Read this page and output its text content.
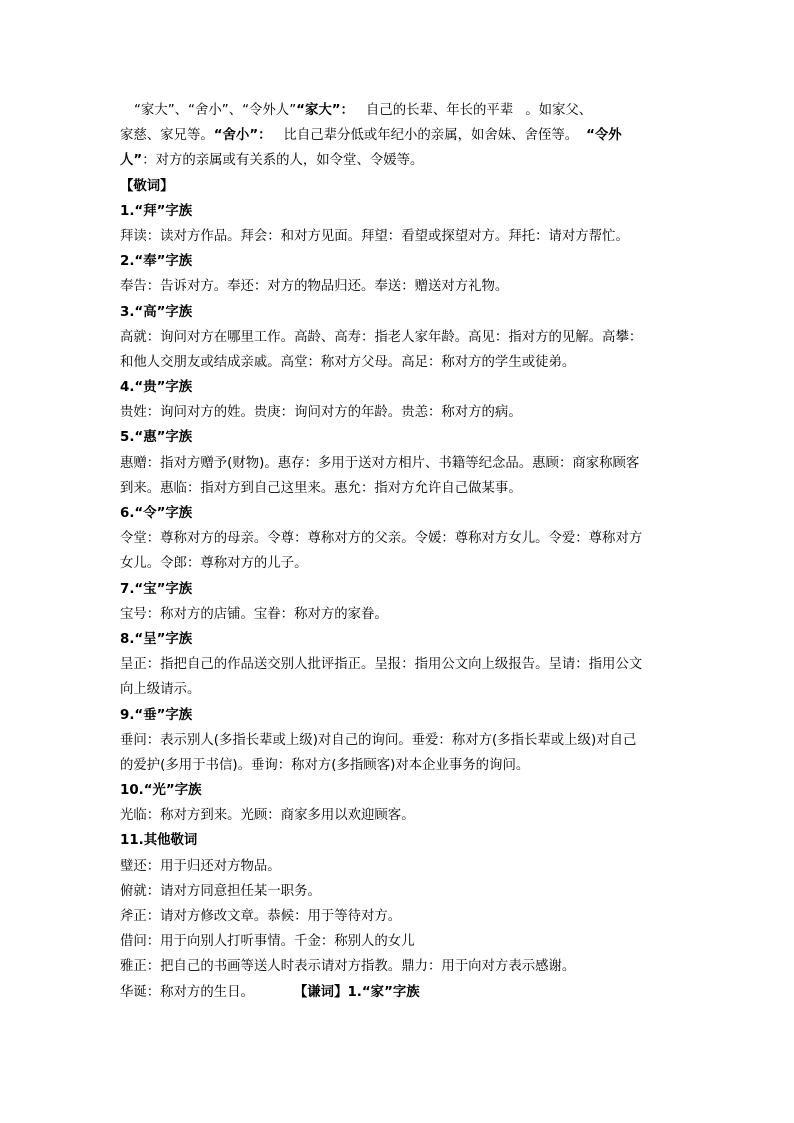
“家大”、“舍小”、“令外人”“家大”： 自己的长辈、年长的平辈 。如家父、
家慈、家兄等。“舍小”： 比自己辈分低或年纪小的亲属，如舍妹、舍侄等。 “令外
人”：对方的亲属或有关系的人，如令堂、令媛等。
【敬词】
1.“拜”字族
拜读：读对方作品。拜会：和对方见面。拜望：看望或探望对方。拜托：请对方帮忙。
2.“奉”字族
奉告：告诉对方。奉还：对方的物品归还。奉送：赠送对方礼物。
3.“高”字族
高就：询问对方在哪里工作。高龄、高寿：指老人家年龄。高见：指对方的见解。高攀：
和他人交朋友或结成亲戚。高堂：称对方父母。高足：称对方的学生或徒弟。
4.“贵”字族
贵姓：询问对方的姓。贵庚：询问对方的年龄。贵恙：称对方的病。
5.“惠”字族
惠赠：指对方赠予(财物)。惠存：多用于送对方相片、书籍等纪念品。惠顾：商家称顾客
到来。惠临：指对方到自己这里来。惠允：指对方允许自己做某事。
6.“令”字族
令堂：尊称对方的母亲。令尊：尊称对方的父亲。令媛：尊称对方女儿。令爱：尊称对方
女儿。令郎：尊称对方的儿子。
7.“宝”字族
宝号：称对方的店铺。宝眷：称对方的家眷。
8.“呈”字族
呈正：指把自己的作品送交别人批评指正。呈报：指用公文向上级报告。呈请：指用公文
向上级请示。
9.“垂”字族
垂问：表示别人(多指长辈或上级)对自己的询问。垂爱：称对方(多指长辈或上级)对自己
的爱护(多用于书信)。垂询：称对方(多指顾客)对本企业事务的询问。
10.“光”字族
光临：称对方到来。光顾：商家多用以欢迎顾客。
11.其他敬词
璧还：用于归还对方物品。
俯就：请对方同意担任某一职务。
斧正：请对方修改文章。恭候：用于等待对方。
借问：用于向别人打听事情。千金：称别人的女儿
雅正：把自己的书画等送人时表示请对方指教。鼎力：用于向对方表示感谢。
华诞：称对方的生日。	【谦词】1.“家”字族
